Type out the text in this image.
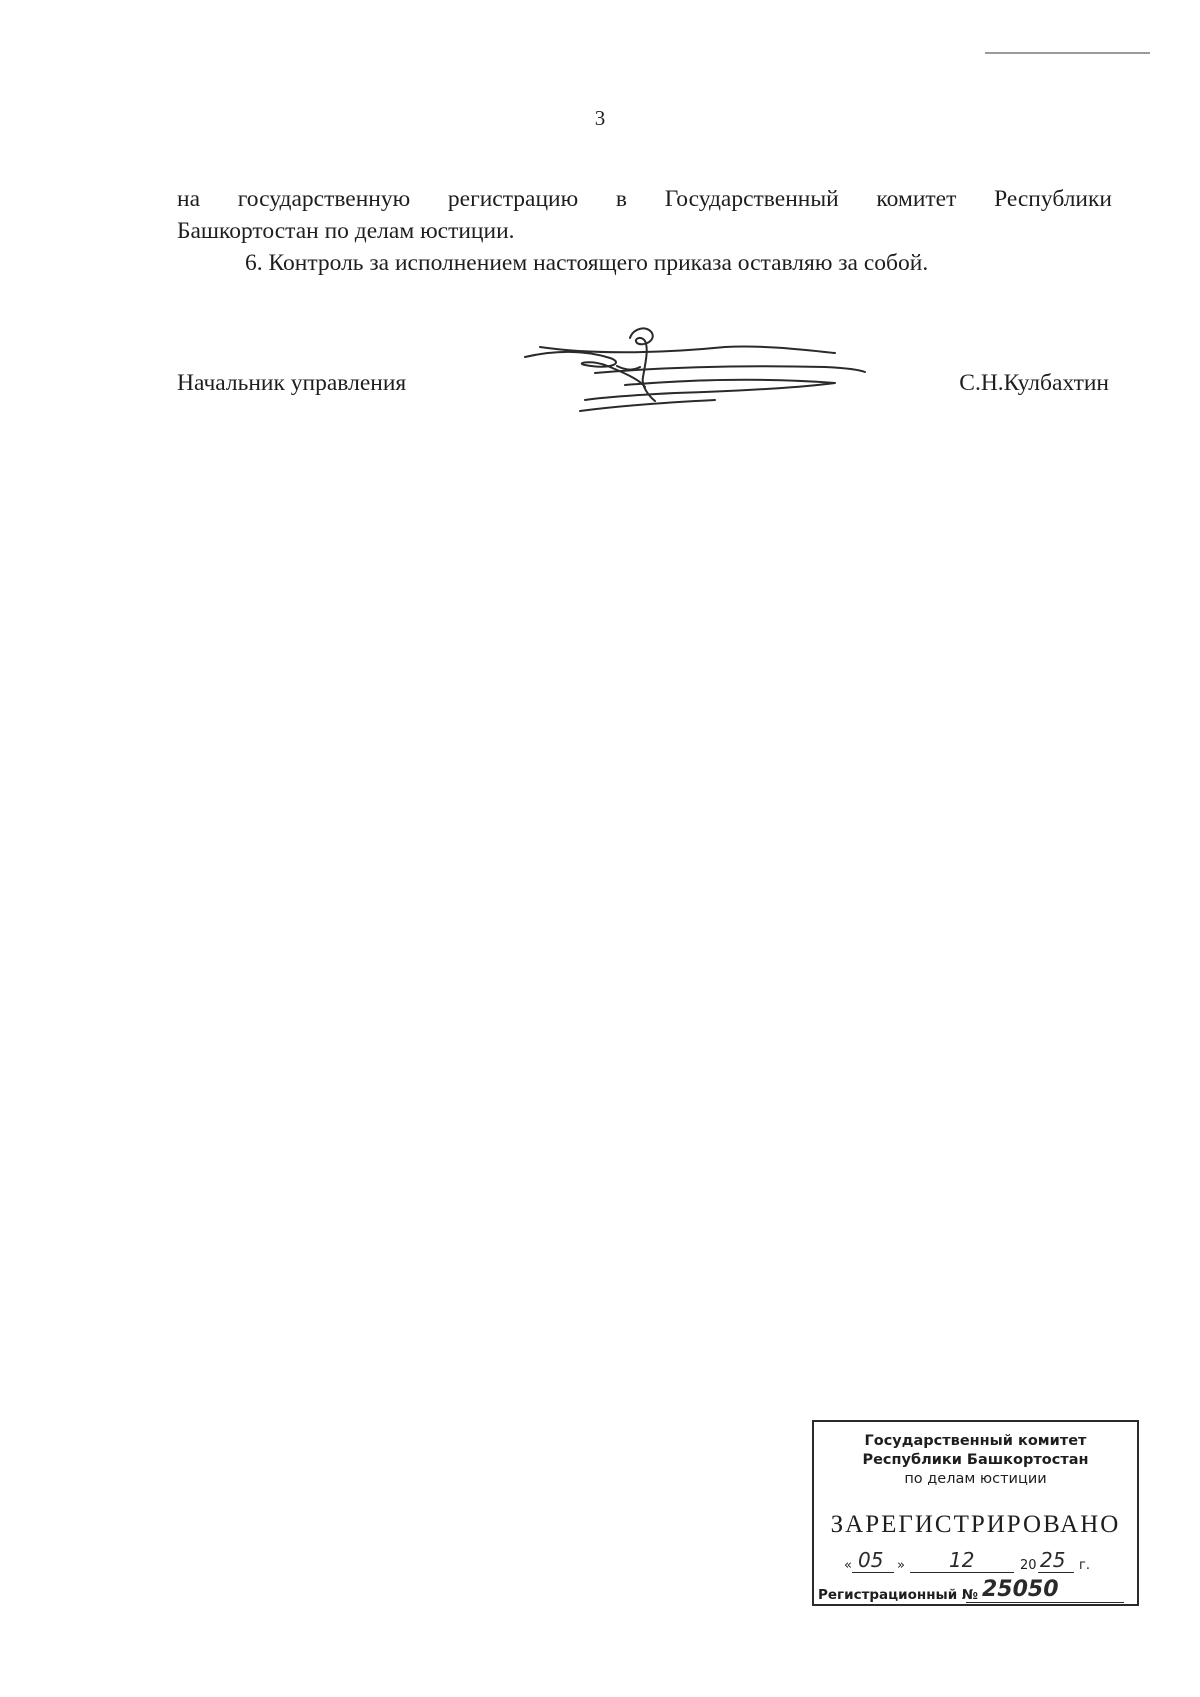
3

на государственную регистрацию в Государственный комитет Республики
Башкортостан по делам юстиции.

6. Контроль за исполнением настоящего приказа оставляю за собой.

Начальник управления	С.Н.Кулбахтин
Государственный комитет
Республики Башкортостан
по делам юстиции
ЗАРЕГИСТРИРОВАНО
« 05 » 12	20 25 г.
Регистрационный № 25050
